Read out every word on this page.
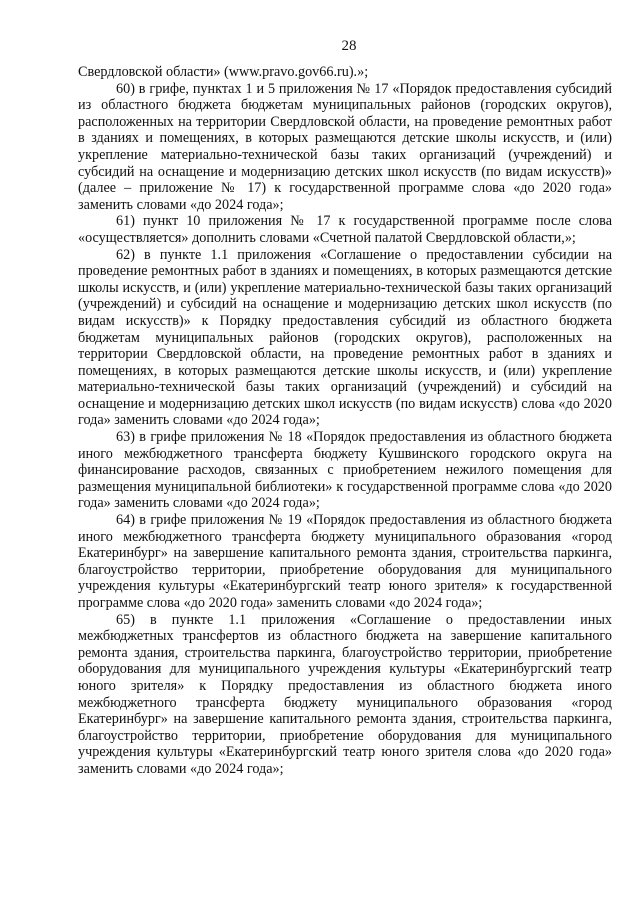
28

Свердловской области» (www.pravo.gov66.ru).»;

60) в грифе, пунктах 1 и 5 приложения № 17 «Порядок предоставления субсидий из областного бюджета бюджетам муниципальных районов (городских округов), расположенных на территории Свердловской области, на проведение ремонтных работ в зданиях и помещениях, в которых размещаются детские школы искусств, и (или) укрепление материально-технической базы таких организаций (учреждений) и субсидий на оснащение и модернизацию детских школ искусств (по видам искусств)» (далее – приложение № 17) к государственной программе слова «до 2020 года» заменить словами «до 2024 года»;

61) пункт 10 приложения № 17 к государственной программе после слова «осуществляется» дополнить словами «Счетной палатой Свердловской области,»;

62) в пункте 1.1 приложения «Соглашение о предоставлении субсидии на проведение ремонтных работ в зданиях и помещениях, в которых размещаются детские школы искусств, и (или) укрепление материально-технической базы таких организаций (учреждений) и субсидий на оснащение и модернизацию детских школ искусств (по видам искусств)» к Порядку предоставления субсидий из областного бюджета бюджетам муниципальных районов (городских округов), расположенных на территории Свердловской области, на проведение ремонтных работ в зданиях и помещениях, в которых размещаются детские школы искусств, и (или) укрепление материально-технической базы таких организаций (учреждений) и субсидий на оснащение и модернизацию детских школ искусств (по видам искусств) слова «до 2020 года» заменить словами «до 2024 года»;

63) в грифе приложения № 18 «Порядок предоставления из областного бюджета иного межбюджетного трансферта бюджету Кушвинского городского округа на финансирование расходов, связанных с приобретением нежилого помещения для размещения муниципальной библиотеки» к государственной программе слова «до 2020 года» заменить словами «до 2024 года»;

64) в грифе приложения № 19 «Порядок предоставления из областного бюджета иного межбюджетного трансферта бюджету муниципального образования «город Екатеринбург» на завершение капитального ремонта здания, строительства паркинга, благоустройство территории, приобретение оборудования для муниципального учреждения культуры «Екатеринбургский театр юного зрителя» к государственной программе слова «до 2020 года» заменить словами «до 2024 года»;

65) в пункте 1.1 приложения «Соглашение о предоставлении иных межбюджетных трансфертов из областного бюджета на завершение капитального ремонта здания, строительства паркинга, благоустройство территории, приобретение оборудования для муниципального учреждения культуры «Екатеринбургский театр юного зрителя» к Порядку предоставления из областного бюджета иного межбюджетного трансферта бюджету муниципального образования «город Екатеринбург» на завершение капитального ремонта здания, строительства паркинга, благоустройство территории, приобретение оборудования для муниципального учреждения культуры «Екатеринбургский театр юного зрителя слова «до 2020 года» заменить словами «до 2024 года»;
